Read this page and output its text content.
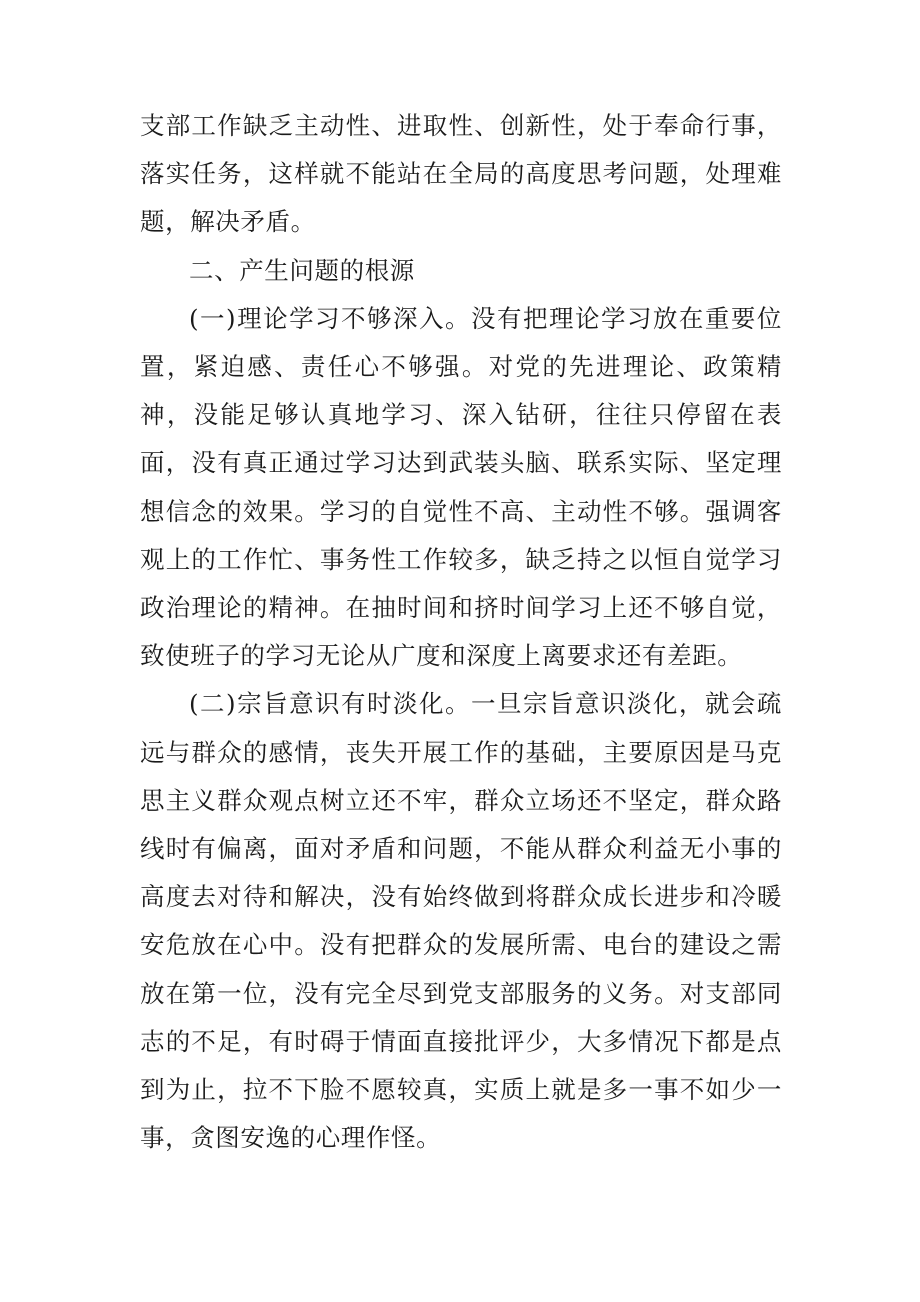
支部工作缺乏主动性、进取性、创新性，处于奉命行事，落实任务，这样就不能站在全局的高度思考问题，处理难题，解决矛盾。

二、产生问题的根源

(一)理论学习不够深入。没有把理论学习放在重要位置，紧迫感、责任心不够强。对党的先进理论、政策精神，没能足够认真地学习、深入钻研，往往只停留在表面，没有真正通过学习达到武装头脑、联系实际、坚定理想信念的效果。学习的自觉性不高、主动性不够。强调客观上的工作忙、事务性工作较多，缺乏持之以恒自觉学习政治理论的精神。在抽时间和挤时间学习上还不够自觉，致使班子的学习无论从广度和深度上离要求还有差距。

(二)宗旨意识有时淡化。一旦宗旨意识淡化，就会疏远与群众的感情，丧失开展工作的基础，主要原因是马克思主义群众观点树立还不牢，群众立场还不坚定，群众路线时有偏离，面对矛盾和问题，不能从群众利益无小事的高度去对待和解决，没有始终做到将群众成长进步和冷暖安危放在心中。没有把群众的发展所需、电台的建设之需放在第一位，没有完全尽到党支部服务的义务。对支部同志的不足，有时碍于情面直接批评少，大多情况下都是点到为止，拉不下脸不愿较真，实质上就是多一事不如少一事，贪图安逸的心理作怪。
